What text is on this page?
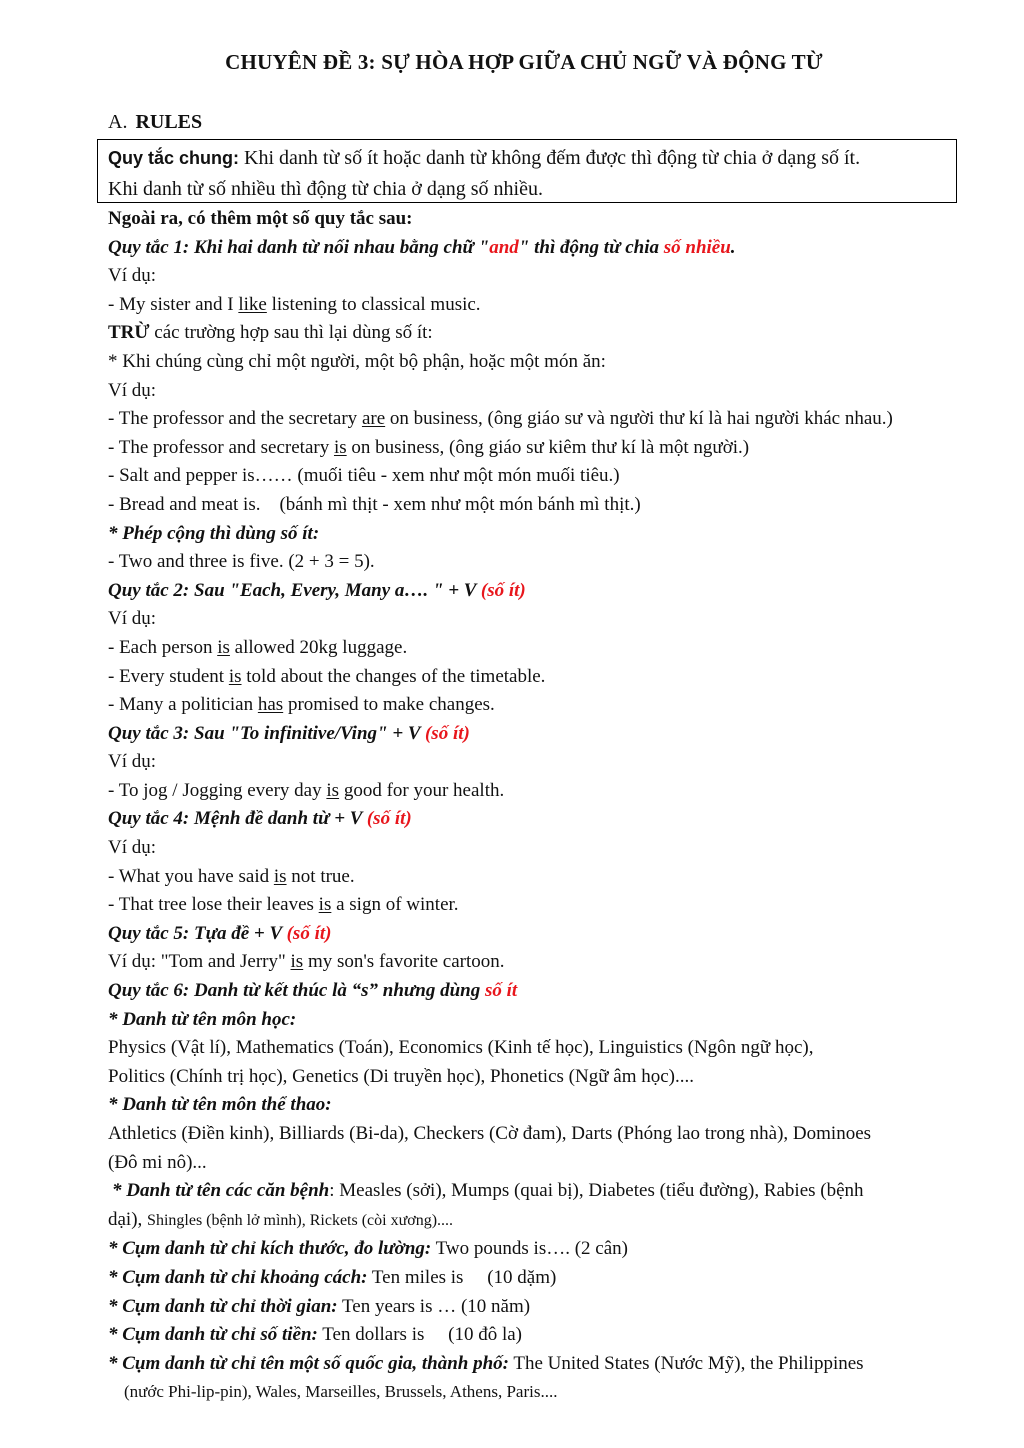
CHUYÊN ĐỀ 3: SỰ HÒA HỢP GIỮA CHỦ NGỮ VÀ ĐỘNG TỪ
A. RULES
Quy tắc chung: Khi danh từ số ít hoặc danh từ không đếm được thì động từ chia ở dạng số ít.
Khi danh từ số nhiều thì động từ chia ở dạng số nhiều.
Ngoài ra, có thêm một số quy tắc sau:
Quy tắc 1: Khi hai danh từ nối nhau bằng chữ "and" thì động từ chia số nhiều.
Ví dụ:
- My sister and I like listening to classical music.
TRỪ các trường hợp sau thì lại dùng số ít:
* Khi chúng cùng chỉ một người, một bộ phận, hoặc một món ăn:
Ví dụ:
- The professor and the secretary are on business, (ông giáo sư và người thư kí là hai người khác nhau.)
- The professor and secretary is on business, (ông giáo sư kiêm thư kí là một người.)
- Salt and pepper is…… (muối tiêu - xem như một món muối tiêu.)
- Bread and meat is.    (bánh mì thịt - xem như một món bánh mì thịt.)
* Phép cộng thì dùng số ít:
- Two and three is five. (2 + 3 = 5).
Quy tắc 2: Sau "Each, Every, Many a…. " + V (số ít)
Ví dụ:
- Each person is allowed 20kg luggage.
- Every student is told about the changes of the timetable.
- Many a politician has promised to make changes.
Quy tắc 3: Sau "To infinitive/Ving" + V (số ít)
Ví dụ:
- To jog / Jogging every day is good for your health.
Quy tắc 4: Mệnh đề danh từ + V (số ít)
Ví dụ:
- What you have said is not true.
- That tree lose their leaves is a sign of winter.
Quy tắc 5: Tựa đề + V (số ít)
Ví dụ: "Tom and Jerry" is my son's favorite cartoon.
Quy tắc 6: Danh từ kết thúc là “s” nhưng dùng số ít
* Danh từ tên môn học:
Physics (Vật lí), Mathematics (Toán), Economics (Kinh tế học), Linguistics (Ngôn ngữ học),
Politics (Chính trị học), Genetics (Di truyền học), Phonetics (Ngữ âm học)....
* Danh từ tên môn thể thao:
Athletics (Điền kinh), Billiards (Bi-da), Checkers (Cờ đam), Darts (Phóng lao trong nhà), Dominoes
(Đô mi nô)...
* Danh từ tên các căn bệnh: Measles (sởi), Mumps (quai bị), Diabetes (tiểu đường), Rabies (bệnh
dại), Shingles (bệnh lở mình), Rickets (còi xương)....
* Cụm danh từ chỉ kích thước, đo lường: Two pounds is…. (2 cân)
* Cụm danh từ chỉ khoảng cách: Ten miles is     (10 dặm)
* Cụm danh từ chỉ thời gian: Ten years is … (10 năm)
* Cụm danh từ chỉ số tiền: Ten dollars is     (10 đô la)
* Cụm danh từ chỉ tên một số quốc gia, thành phố: The United States (Nước Mỹ), the Philippines
(nước Phi-lip-pin), Wales, Marseilles, Brussels, Athens, Paris....
